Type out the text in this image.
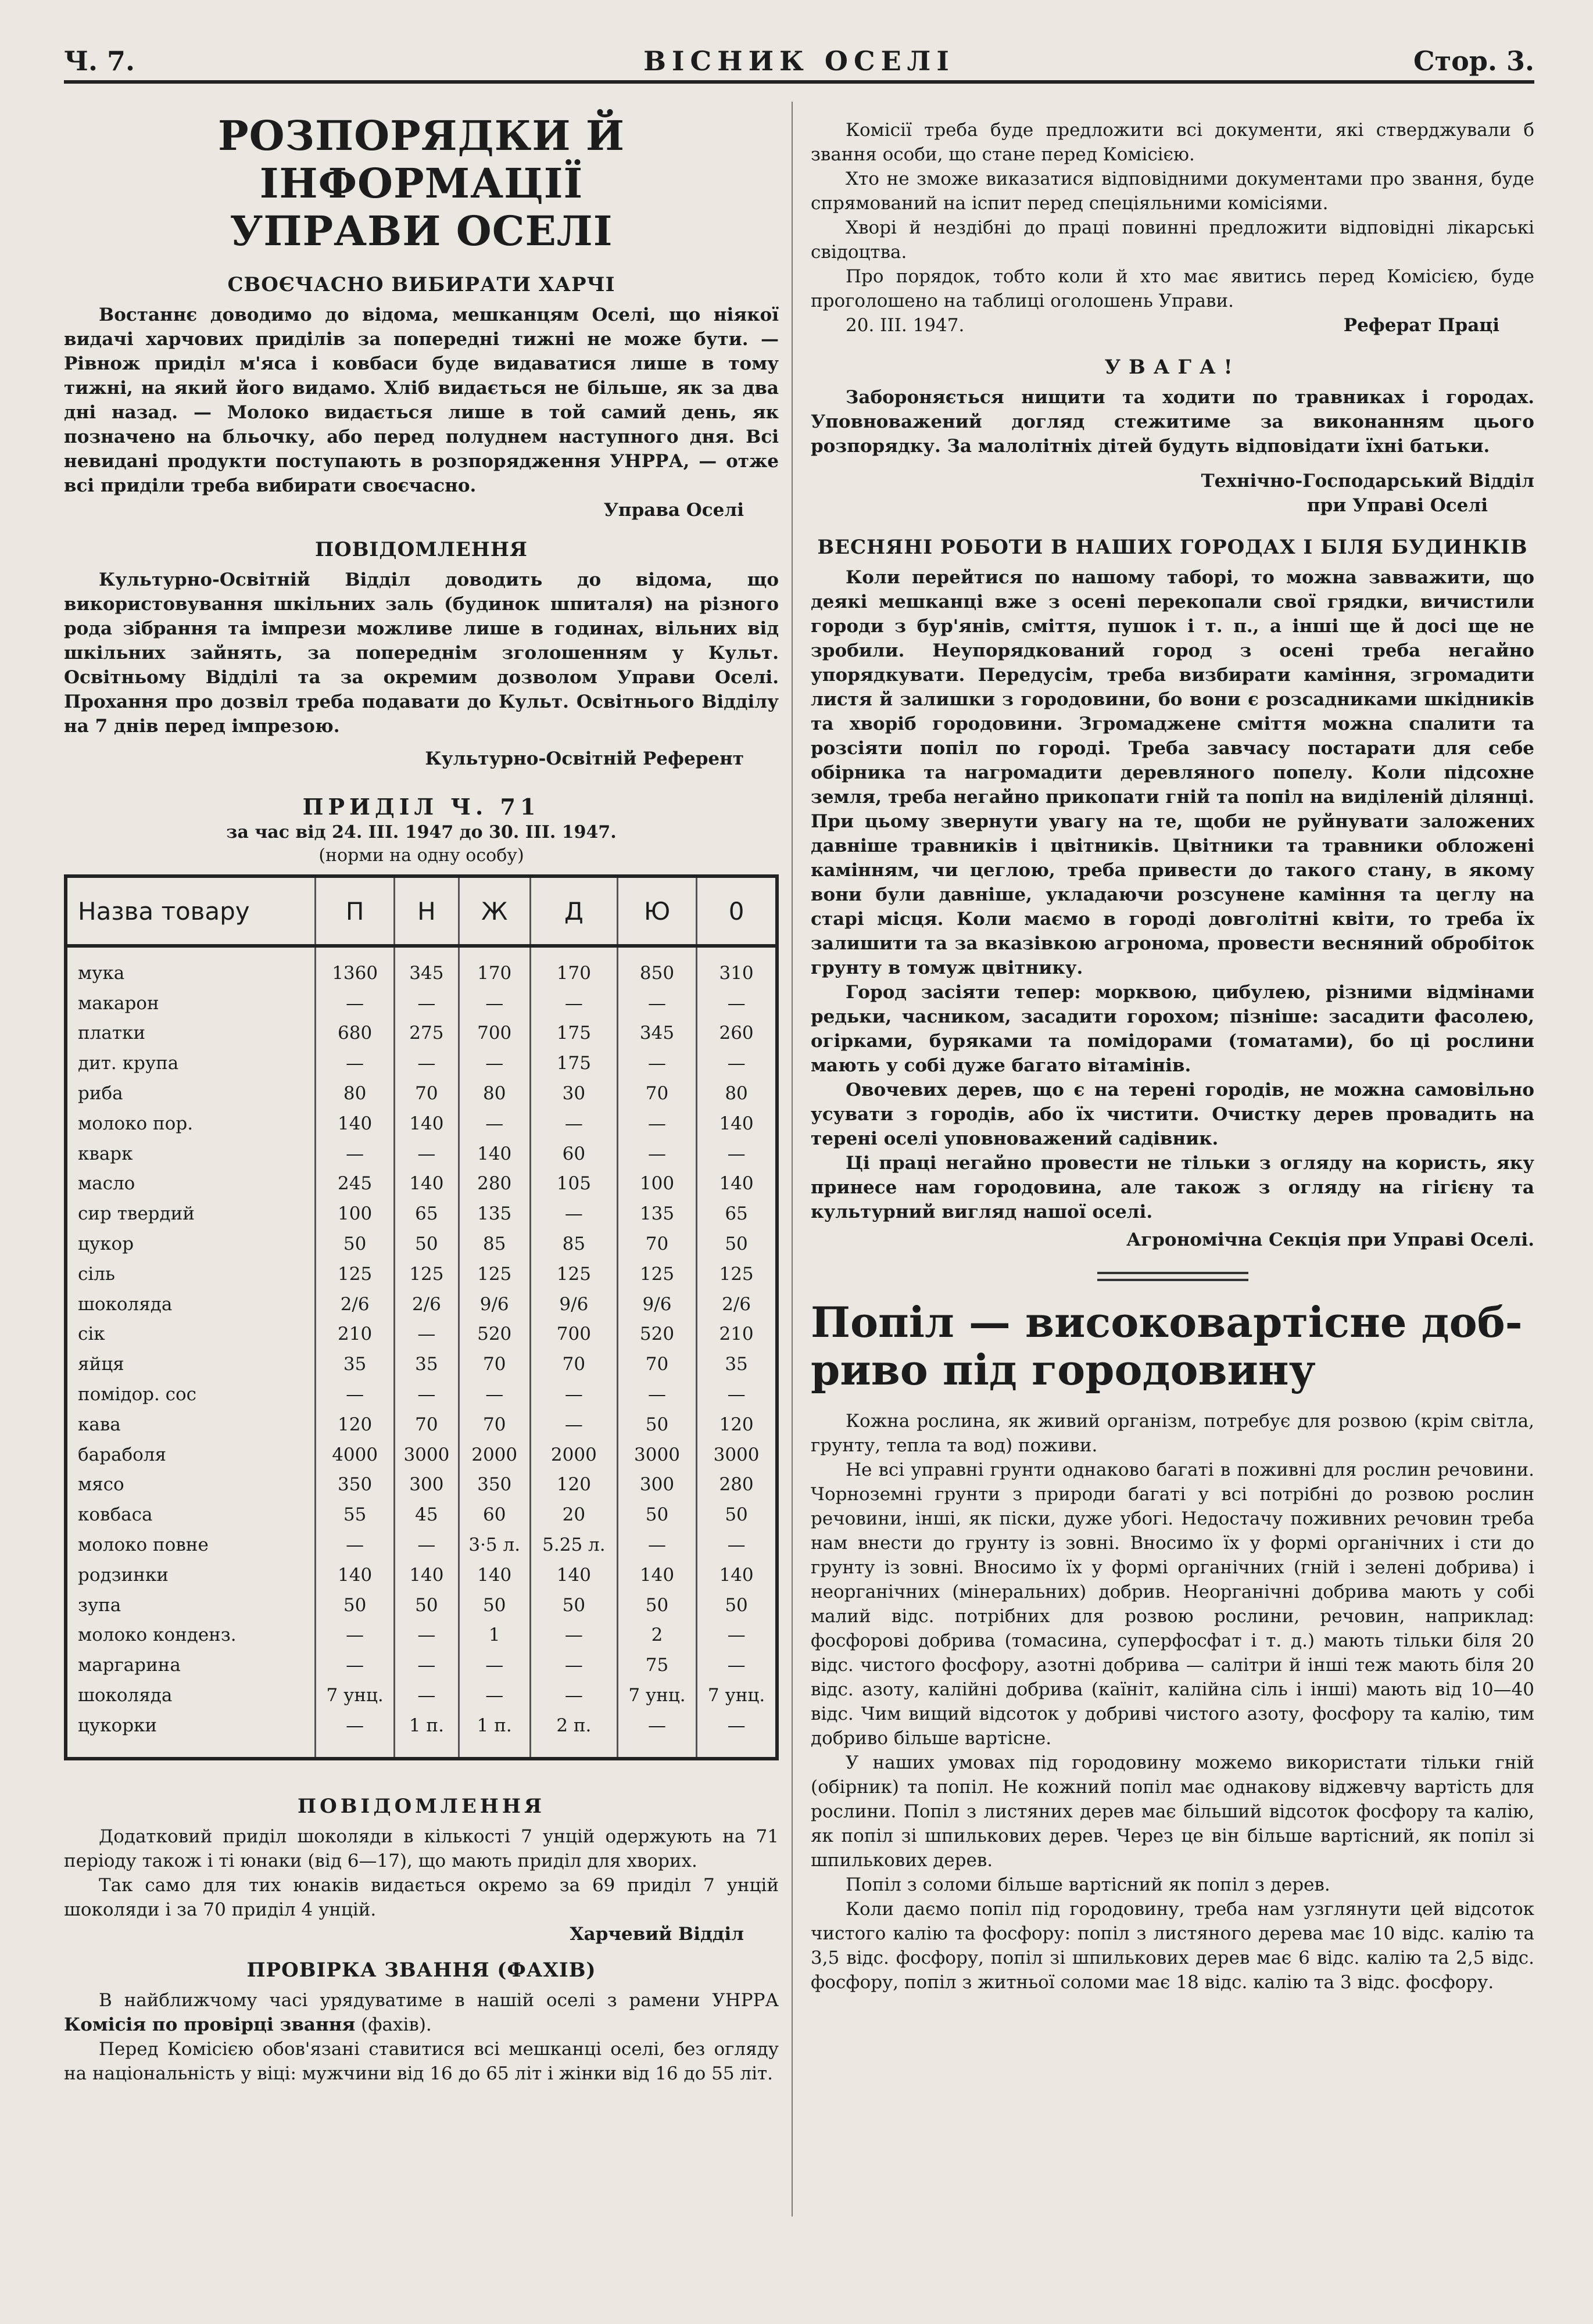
Ч. 7.	ВІСНИК ОСЕЛІ	Стор. 3.
РОЗПОРЯДКИ Й ІНФОРМАЦІЇ
УПРАВИ ОСЕЛІ
СВОЄЧАСНО ВИБИРАТИ ХАРЧІ

Востаннє доводимо до відома, мешканцям Оселі, що ніякої видачі харчових приділів за попередні тижні не може бути. — Рівнож приділ м'яса і ковбаси буде видаватися лише в тому тижні, на який його видамо. Хліб видається не більше, як за два дні назад. — Молоко видається лише в той самий день, як позначено на бльочку, або перед полуднем наступного дня. Всі невидані продукти поступають в розпорядження УНРРА, — отже всі приділи треба вибирати своєчасно.

Управа Оселі
ПОВІДОМЛЕННЯ

Культурно-Освітній Відділ доводить до відома, що використовування шкільних заль (будинок шпиталя) на різного рода зібрання та імпрези можливе лише в годинах, вільних від шкільних зайнять, за попереднім зголошенням у Культ. Освітньому Відділі та за окремим дозволом Управи Оселі. Прохання про дозвіл треба подавати до Культ. Освітнього Відділу на 7 днів перед імпрезою.

Культурно-Освітній Референт
ПРИДІЛ Ч. 71
за час від 24. III. 1947 до 30. III. 1947.
(норми на одну особу)
Назва товару	П	Н	Ж	Д	Ю	0
мука	1360	345	170	170	850	310
макарон	—	—	—	—	—	—
платки	680	275	700	175	345	260
дит. крупа	—	—	—	175	—	—
риба	80	70	80	30	70	80
молоко пор.	140	140	—	—	—	140
кварк	—	—	140	60	—	—
масло	245	140	280	105	100	140
сир твердий	100	65	135	—	135	65
цукор	50	50	85	85	70	50
сіль	125	125	125	125	125	125
шоколяда	2/6	2/6	9/6	9/6	9/6	2/6
сік	210	—	520	700	520	210
яйця	35	35	70	70	70	35
помідор. сос	—	—	—	—	—	—
кава	120	70	70	—	50	120
бараболя	4000	3000	2000	2000	3000	3000
мясо	350	300	350	120	300	280
ковбаса	55	45	60	20	50	50
молоко повне	—	—	3·5 л.	5.25 л.	—	—
родзинки	140	140	140	140	140	140
зупа	50	50	50	50	50	50
молоко конденз.	—	—	1	—	2	—
маргарина	—	—	—	—	75	—
шоколяда	7 унц.	—	—	—	7 унц.	7 унц.
цукорки	—	1 п.	1 п.	2 п.	—	—
ПОВІДОМЛЕННЯ

Додатковий приділ шоколяди в кількості 7 унцій одержують на 71 періоду також і ті юнаки (від 6—17), що мають приділ для хворих.

Так само для тих юнаків видається окремо за 69 приділ 7 унцій шоколяди і за 70 приділ 4 унцій.

Харчевий Відділ
ПРОВІРКА ЗВАННЯ (ФАХІВ)

В найближчому часі урядуватиме в нашій оселі з рамени УНРРА Комісія по провірці звання (фахів).

Перед Комісією обов'язані ставитися всі мешканці оселі, без огляду на національність у віці: мужчини від 16 до 65 літ і жінки від 16 до 55 літ.

Комісії треба буде предложити всі документи, які стверджували б звання особи, що стане перед Комісією.

Хто не зможе виказатися відповідними документами про звання, буде спрямований на іспит перед спеціяльними комісіями.

Хворі й нездібні до праці повинні предложити відповідні лікарські свідоцтва.

Про порядок, тобто коли й хто має явитись перед Комісією, буде проголошено на таблиці оголошень Управи.

20. III. 1947.	Реферат Праці
УВАГА!

Забороняється нищити та ходити по травниках і городах. Уповноважений догляд стежитиме за виконанням цього розпорядку. За малолітніх дітей будуть відповідати їхні батьки.

Технічно-Господарський Відділ
при Управі Оселі
ВЕСНЯНІ РОБОТИ В НАШИХ ГОРОДАХ І БІЛЯ БУДИНКІВ

Коли перейтися по нашому таборі, то можна завважити, що деякі мешканці вже з осені перекопали свої грядки, вичистили городи з бур'янів, сміття, пушок і т. п., а інші ще й досі ще не зробили. Неупорядкований город з осені треба негайно упорядкувати. Передусім, треба визбирати каміння, згромадити листя й залишки з городовини, бо вони є розсадниками шкідників та хворіб городовини. Згромаджене сміття можна спалити та розсіяти попіл по городі. Треба завчасу постарати для себе обірника та нагромадити деревляного попелу. Коли підсохне земля, треба негайно прикопати гній та попіл на виділеній ділянці. При цьому звернути увагу на те, щоби не руйнувати заложених давніше травників і цвітників. Цвітники та травники обложені камінням, чи цеглою, треба привести до такого стану, в якому вони були давніше, укладаючи розсунене каміння та цеглу на старі місця. Коли маємо в городі довголітні квіти, то треба їх залишити та за вказівкою агронома, провести весняний обробіток грунту в томуж цвітнику.

Город засіяти тепер: морквою, цибулею, різними відмінами редьки, часником, засадити горохом; пізніше: засадити фасолею, огірками, буряками та помідорами (томатами), бо ці рослини мають у собі дуже багато вітамінів.

Овочевих дерев, що є на терені городів, не можна самовільно усувати з городів, або їх чистити. Очистку дерев провадить на терені оселі уповноважений садівник.

Ці праці негайно провести не тільки з огляду на користь, яку принесе нам городовина, але також з огляду на гігієну та культурний вигляд нашої оселі.

Агрономічна Секція при Управі Оселі.
Попіл — високовартісне доб-
риво під городовину

Кожна рослина, як живий організм, потребує для розвою (крім світла, грунту, тепла та вод) поживи.

Не всі управні грунти однаково багаті в поживні для рослин речовини. Чорноземні грунти з природи багаті у всі потрібні до розвою рослин речовини, інші, як піски, дуже убогі. Недостачу поживних речовин треба нам внести до грунту із зовні. Вносимо їх у формі органічних і сти до грунту із зовні. Вносимо їх у формі органічних (гній і зелені добрива) і неорганічних (мінеральних) добрив. Неорганічні добрива мають у собі малий відс. потрібних для розвою рослини, речовин, наприклад: фосфорові добрива (томасина, суперфосфат і т. д.) мають тільки біля 20 відс. чистого фосфору, азотні добрива — салітри й інші теж мають біля 20 відс. азоту, калійні добрива (каїніт, калійна сіль і інші) мають від 10—40 відс. Чим вищий відсоток у добриві чистого азоту, фосфору та калію, тим добриво більше вартісне.

У наших умовах під городовину можемо використати тільки гній (обірник) та попіл. Не кожний попіл має однакову віджевчу вартість для рослини. Попіл з листяних дерев має більший відсоток фосфору та калію, як попіл зі шпилькових дерев. Через це він більше вартісний, як попіл зі шпилькових дерев.

Попіл з соломи більше вартісний як попіл з дерев.

Коли даємо попіл під городовину, треба нам узглянути цей відсоток чистого калію та фосфору: попіл з листяного дерева має 10 відс. калію та 3,5 відс. фосфору, попіл зі шпилькових дерев має 6 відс. калію та 2,5 відс. фосфору, попіл з житньої соломи має 18 відс. калію та 3 відс. фосфору.
